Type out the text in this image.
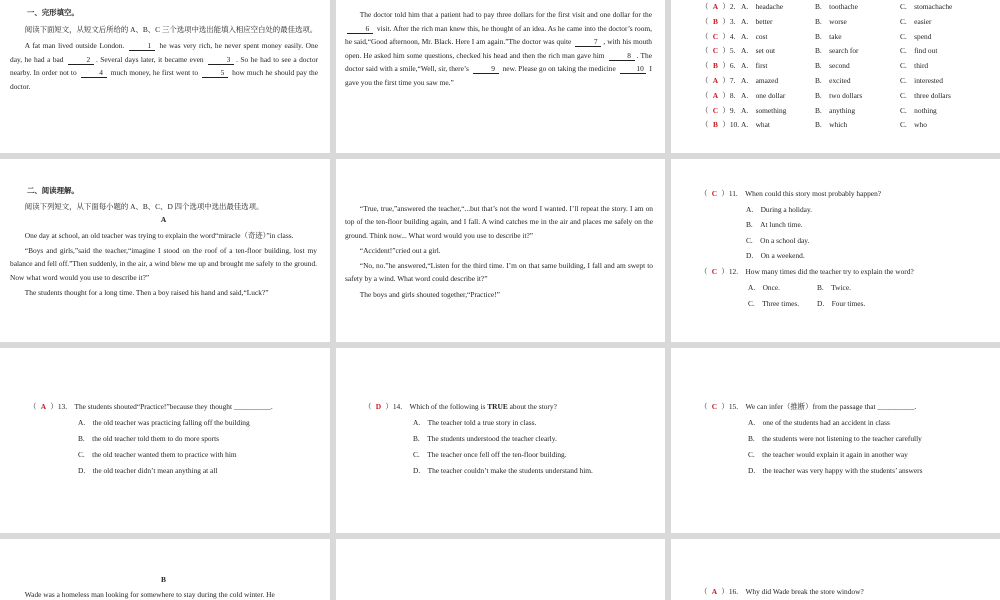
一、完形填空。

阅读下面短文，从短文后所给的 A、B、C 三个选项中选出能填入相应空白处的最佳选项。

A fat man lived outside London.	1 he was very rich, he never spent money easily. One day, he had a bad	2 . Several days later, it became even	3 . So he had to see a doctor nearby. In order not to	4 much money, he first went to	5 how much he should pay the doctor.

The doctor told him that a patient had to pay three dollars for the first visit and one dollar for the 6 visit. After the rich man knew this, he thought of an idea. As he came into the doctor’s room, he said,“Good afternoon, Mr. Black. Here I am again.”The doctor was quite	7 , with his mouth open. He asked him some questions, checked his head and then the rich man gave him	8 . The doctor said with a smile,“Well, sir, there’s	9 new. Please go on taking the medicine	10 I gave you the first time you saw me.”

（ A ）2. A.　headache	B.　toothache	C.　stomachache
（ B ）3. A.　better	B.　worse	C.　easier
（ C ）4. A.　cost	B.　take	C.　spend
（ C ）5. A.　set out	B.　search for	C.　find out
（ B ）6. A.　first	B.　second	C.　third
（ A ）7. A.　amazed	B.　excited	C.　interested
（ A ）8. A.　one dollar	B.　two dollars	C.　three dollars
（ C ）9. A.　something	B.　anything	C.　nothing
（ B ）10. A.　what	B.　which	C.　who

二、阅读理解。

阅读下列短文，从下面每小题的 A、B、C、D 四个选项中选出最佳选项。

A

One day at school, an old teacher was trying to explain the word“miracle（奇迹）”in class.

“Boys and girls,”said the teacher,“imagine I stood on the roof of a ten-floor building, lost my balance and fell off.”Then suddenly, in the air, a wind blew me up and brought me safely to the ground. Now what word would you use to describe it?”

The students thought for a long time. Then a boy raised his hand and said,“Luck?”

“True, true,”answered the teacher,“...but that’s not the word I wanted. I’ll repeat the story. I am on top of the ten-floor building again, and I fall. A wind catches me in the air and places me safely on the ground. Think now... What word would you use to describe it?”

“Accident!”cried out a girl.

“No, no.”he answered,“Listen for the third time. I’m on that same building, I fall and am swept to safety by a wind. What word could describe it?”

The boys and girls shouted together,“Practice!”

（ C ）11.　When could this story most probably happen?
A.　During a holiday.
B.　At lunch time.
C.　On a school day.
D.　On a weekend.
（ C ）12.　How many times did the teacher try to explain the word?
A.　Once.	B.　Twice.
C.　Three times. D.　Four times.
（ A ）13.　The students shouted“Practice!”because they thought __________.
A.　the old teacher was practicing falling off the building
B.　the old teacher told them to do more sports
C.　the old teacher wanted them to practice with him
D.　the old teacher didn’t mean anything at all
（ D ）14.　Which of the following is TRUE about the story?
A.　The teacher told a true story in class.
B.　The students understood the teacher clearly.
C.　The teacher once fell off the ten-floor building.
D.　The teacher couldn’t make the students understand him.
（ C ）15.　We can infer（推断）from the passage that __________.
A.　one of the students had an accident in class
B.　the students were not listening to the teacher carefully
C.　the teacher would explain it again in another way
D.　the teacher was very happy with the students’ answers

B

Wade was a homeless man looking for somewhere to stay during the cold winter. He	（ A ）16.　Why did Wade break the store window?
